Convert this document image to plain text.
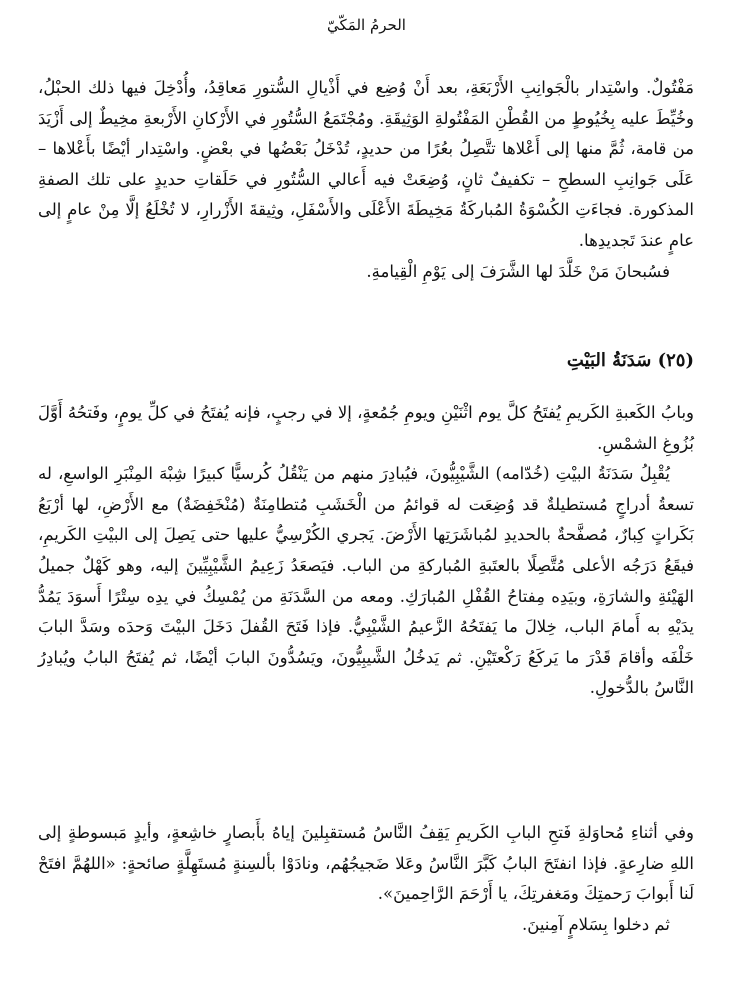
الحرمُ المَكّيّ

مَفْتُولٌ. واسْتِدار بالْجَوانِبِ الأَرْبَعَةِ، بعد أَنْ وُضِع في أَذْيالِ السُّتورِ مَعاقِدُ، وأُدْخِلَ فيها ذلك الحبْلُ، وخُيِّطَ عليه بِخُيُوطٍ من القُطْنِ المَفْتُولةِ الوَثِيقَةِ. ومُجْتَمَعُ السُّتُورِ في الأَرْكانِ الأَرْبعةِ مخِيطٌ إلى أَزْيَدَ من قامة، ثُمَّ منها إلى أَعْلاها تتَّصِلُ بعُرًا من حديدٍ، تُدْخَلُ بَعْضُها في بعْضٍ. واسْتِدار أيْضًا بأَعْلاها – عَلَى جَوانِبِ السطحِ – تكفيفٌ ثانٍ، وُضِعَتْ فيه أَعالي السُّتُورِ في حَلَقاتِ حديدٍ على تلك الصفةِ المذكورة. فجاءَتِ الكُسْوَةُ المُباركَةُ مَخِيطَةَ الأَعْلَى والأَسْفَلِ، وثِيقةَ الأَزْرارِ، لا تُخْلَعُ إلَّا مِنْ عامٍ إلى عامٍ عندَ تَجديدِها.

فسُبحانَ مَنْ خَلَّدَ لها الشَّرَفَ إلى يَوْمِ الْقِيامةِ.

(٢٥) سَدَنَةُ البَيْتِ

وبابُ الكَعبةِ الكَريمِ يُفتَحُ كلَّ يوم اثْنَيْنِ ويومِ جُمُعةٍ، إلا في رجبٍ، فإنه يُفتَحُ في كلِّ يومٍ، وفَتحُهُ أَوَّلَ بُزُوغِ الشمْسِ.

يُقْبِلُ سَدَنَةُ البيْتِ (خُدّامه) الشَّيْبِيُّونَ، فيُبادِرَ منهم من يَنْقُلُ كُرسيًّا كبيرًا شِبْهَ المِنْبَرِ الواسعِ، له تسعةُ أدراجٍ مُستطيلةٌ قد وُضِعَت له قوائمُ من الْخَشَبِ مُتطامِنَةٌ (مُنْخَفِضَةٌ) مع الأَرْضِ، لها أرْبَعُ بَكَراتٍ كِبارٌ، مُصفَّحةٌ بالحديدِ لمُباشَرَتِها الأَرْضَ. يَجري الكُرْسِيُّ عليها حتى يَصِلَ إلى البيْتِ الكَريمِ، فيقَعُ دَرَجُه الأعلى مُتَّصِلًا بالعتَبةِ المُباركةِ من الباب. فيَصعَدُ زَعِيمُ الشَّيْبِيِّينَ إليه، وهو كَهْلٌ جميلُ الهَيْئةِ والشارَةِ، وبيَدِه مِفتاحُ القُفْلِ المُبارَكِ. ومعه من السَّدَنَةِ من يُمْسِكُ في يدِه سِتْرًا أَسوَدَ يَمُدُّ يدَيْهِ به أَمامَ الباب، خِلالَ ما يَفتَحُهُ الزَّعيمُ الشَّيْبِيُّ. فإذا فَتَحَ القُفلَ دَخَلَ البيْتَ وَحدَه وسَدَّ البابَ خَلْفَه وأقامَ قَدْرَ ما يَركَعُ رَكْعتَيْنِ. ثم يَدخُلُ الشَّيبِيُّونَ، ويَسُدُّونَ البابَ أيْضًا، ثم يُفتَحُ البابُ ويُبادِرُ النَّاسُ بالدُّخولِ.

وفي أثناءِ مُحاوَلةِ فَتحِ البابِ الكَريمِ يَقِفُ النَّاسُ مُستقبِلينَ إياهُ بأَبصارٍ خاشِعةٍ، وأيدٍ مَبسوطةٍ إلى اللهِ ضارِعةٍ. فإذا انفتَحَ البابُ كَبَّرَ النَّاسُ وعَلا ضَجيجُهُم، ونادَوْا بألسِنةٍ مُستَهِلَّةٍ صائحةٍ: «اللهُمَّ افتَحْ لَنا أَبوابَ رَحمتِكَ ومَغفرتِكَ، يا أَرْحَمَ الرَّاحِمينَ».

ثم دخلوا بِسَلامٍ آمِنينَ.
